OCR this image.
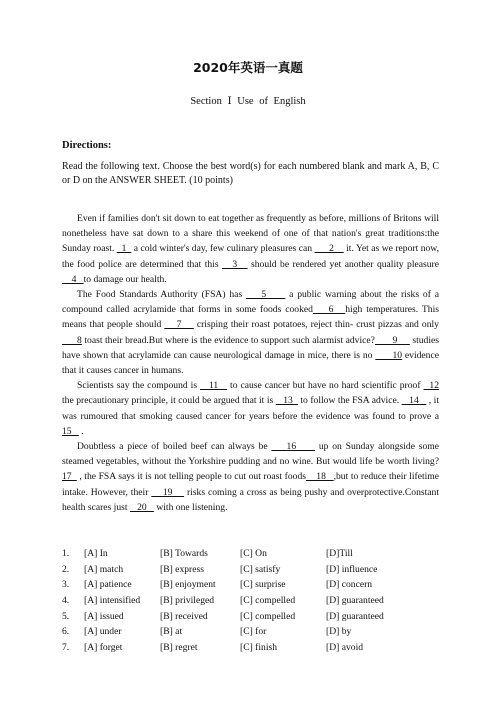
2020年英语一真题
Section Ⅰ Use of English
Directions:
Read the following text. Choose the best word(s) for each numbered blank and mark A, B, C or D on the ANSWER SHEET. (10 points)

Even if families don't sit down to eat together as frequently as before, millions of Britons will nonetheless have sat down to a share this weekend of one of that nation's great traditions:the Sunday roast.   1   a cold winter's day, few culinary pleasures can       2     it. Yet as we report now, the food police are determined that this    3    should be rendered yet another quality pleasure    4   to damage our health.

The Food Standards Authority (FSA) has     5      a public warning about the risks of a compound called acrylamide that forms in some foods cooked    6   high temperatures. This means that people should     7     crisping their roast potatoes, reject thin- crust pizzas and only       8 toast their bread.But where is the evidence to support such alarmist advice?       9      studies have shown that acrylamide can cause neurological damage in mice, there is no       10 evidence that it causes cancer in humans.

Scientists say the compound is    11    to cause cancer but have no hard scientific proof   12 the precautionary principle, it could be argued that it is    13   to follow the FSA advice.    14    , it was rumoured that smoking caused cancer for years before the evidence was found to prove a 15    .

Doubtless a piece of boiled beef can always be     16      up on Sunday alongside some steamed vegetables, without the Yorkshire pudding and no wine. But would life be worth living? 17   , the FSA says it is not telling people to cut out roast foods    18   ,but to reduce their lifetime intake. However, their     19     risks coming a cross as being pushy and overprotective.Constant health scares just    20    with one listening.

1. [A] In	[B] Towards	[C] On	[D]Till
2. [A] match	[B] express	[C] satisfy	[D] influence
3. [A] patience	[B] enjoyment	[C] surprise	[D] concern
4. [A] intensified [B] privileged	[C] compelled	[D] guaranteed
5. [A] issued	[B] received	[C] compelled	[D] guaranteed
6. [A] under	[B] at	[C] for	[D] by
7. [A] forget	[B] regret	[C] finish	[D] avoid
